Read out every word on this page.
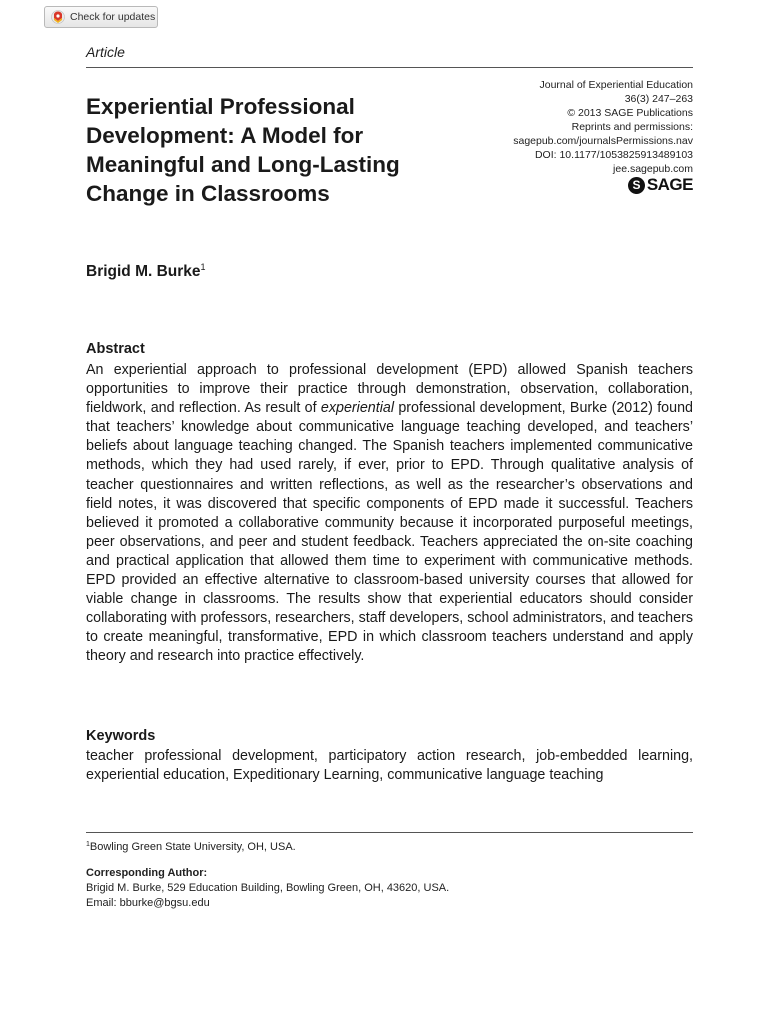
Check for updates
Article
Experiential Professional Development: A Model for Meaningful and Long-Lasting Change in Classrooms
Journal of Experiential Education
36(3) 247–263
© 2013 SAGE Publications
Reprints and permissions:
sagepub.com/journalsPermissions.nav
DOI: 10.1177/1053825913489103
jee.sagepub.com
S SAGE
Brigid M. Burke$^1$
Abstract

An experiential approach to professional development (EPD) allowed Spanish teachers opportunities to improve their practice through demonstration, observation, collaboration, fieldwork, and reflection. As result of experiential professional development, Burke (2012) found that teachers’ knowledge about communicative language teaching developed, and teachers’ beliefs about language teaching changed. The Spanish teachers implemented communicative methods, which they had used rarely, if ever, prior to EPD. Through qualitative analysis of teacher questionnaires and written reflections, as well as the researcher’s observations and field notes, it was discovered that specific components of EPD made it successful. Teachers believed it promoted a collaborative community because it incorporated purposeful meetings, peer observations, and peer and student feedback. Teachers appreciated the on-site coaching and practical application that allowed them time to experiment with communicative methods. EPD provided an effective alternative to classroom-based university courses that allowed for viable change in classrooms. The results show that experiential educators should consider collaborating with professors, researchers, staff developers, school administrators, and teachers to create meaningful, transformative, EPD in which classroom teachers understand and apply theory and research into practice effectively.

Keywords

teacher professional development, participatory action research, job-embedded learning, experiential education, Expeditionary Learning, communicative language teaching

$^1$Bowling Green State University, OH, USA.
Corresponding Author:
Brigid M. Burke, 529 Education Building, Bowling Green, OH, 43620, USA.
Email: bburke@bgsu.edu
